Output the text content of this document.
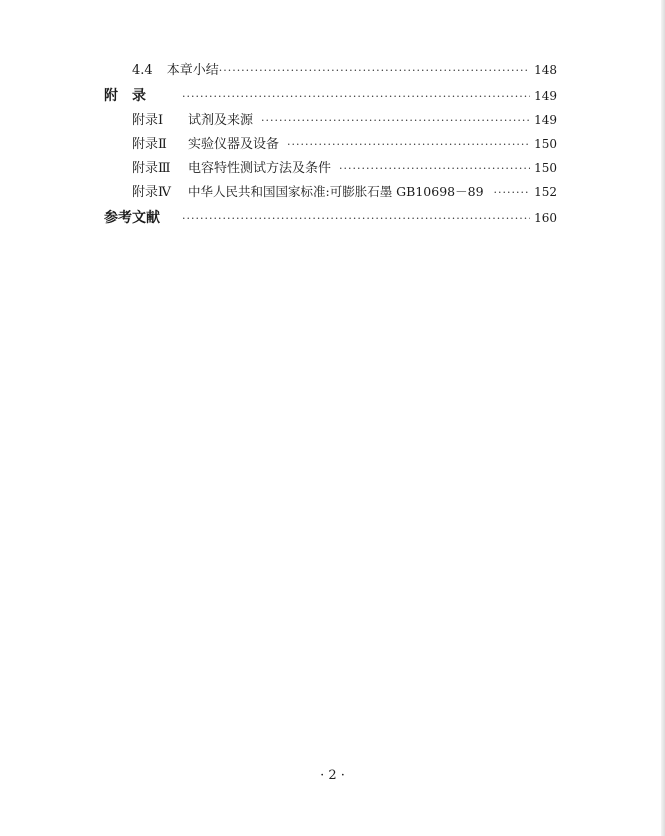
4.4 本章小结 ·····	148
附　录 ·····	149
附录Ⅰ	试剂及来源 ·····	149
附录Ⅱ	实验仪器及设备 ·····	150
附录Ⅲ	电容特性测试方法及条件 ·····	150
附录Ⅳ	中华人民共和国国家标准:可膨胀石墨 GB10698－89 ·····	152
参考文献 ·····	160
· 2 ·
